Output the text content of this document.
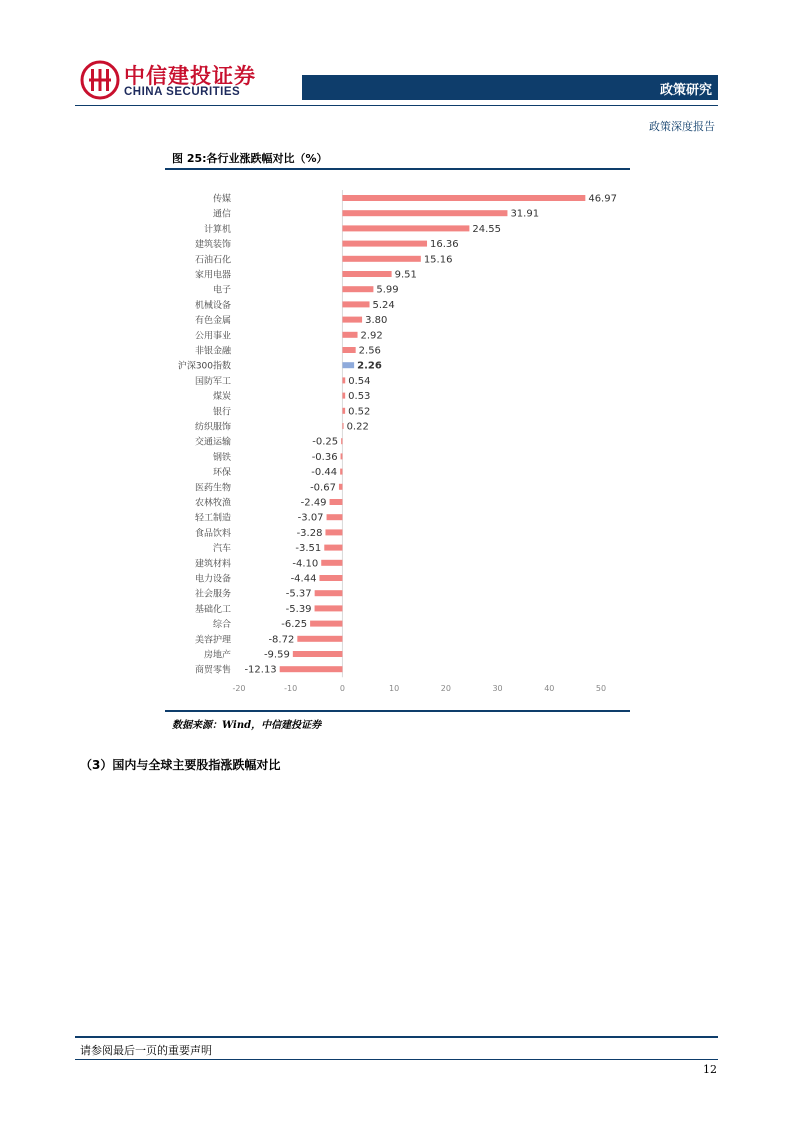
中信建投证券
CHINA SECURITIES	政策研究
政策深度报告
图 25:各行业涨跌幅对比（%）
传媒	46.97
通信	31.91
计算机	24.55
建筑装饰	16.36
石油石化	15.16
家用电器	9.51
电子	5.99
机械设备	5.24
有色金属	3.80
公用事业	2.92
非银金融	2.56
沪深300指数	2.26
国防军工	0.54
煤炭	0.53
银行	0.52
纺织服饰	0.22
交通运输	-0.25
钢铁	-0.36
环保	-0.44
医药生物	-0.67
农林牧渔	-2.49
轻工制造	-3.07
食品饮料	-3.28
汽车	-3.51
建筑材料	-4.10
电力设备	-4.44
社会服务	-5.37
基础化工	-5.39
综合	-6.25
美容护理	-8.72
房地产	-9.59
商贸零售 -12.13
-20	-10	0	10	20	30	40	50
数据来源：Wind，中信建投证券
（3）国内与全球主要股指涨跌幅对比
请参阅最后一页的重要声明
12
